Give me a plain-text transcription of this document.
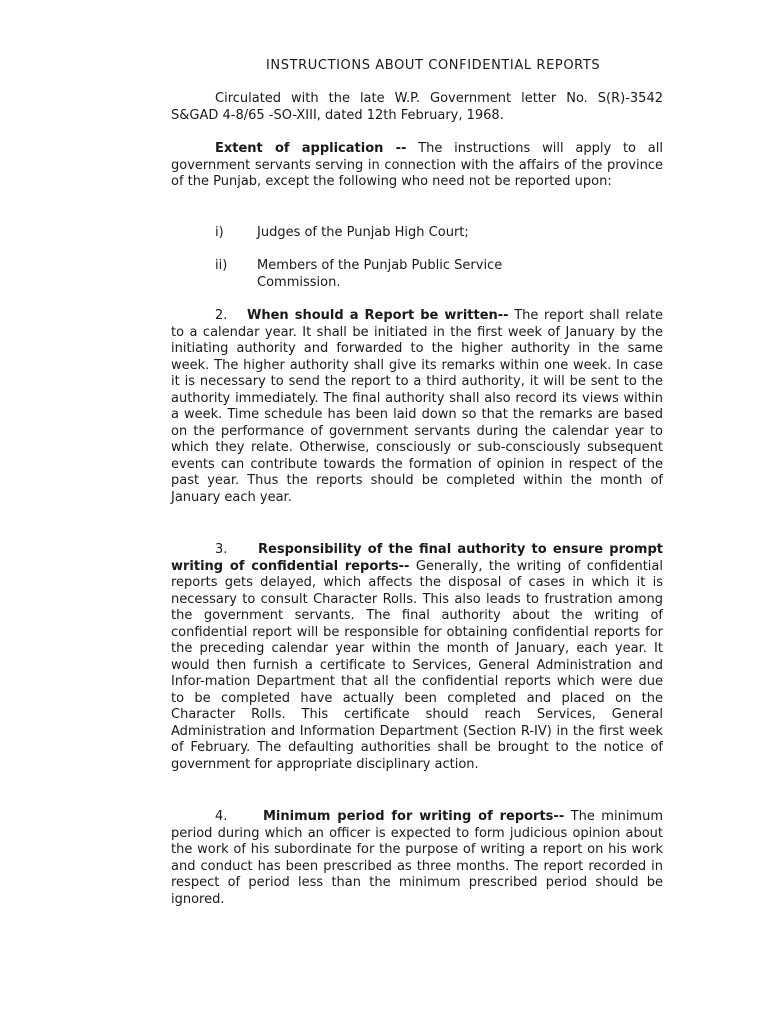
INSTRUCTIONS ABOUT CONFIDENTIAL REPORTS

Circulated with the late W.P. Government letter No. S(R)-3542 S&GAD 4-8/65 -SO-XIII, dated 12th February, 1968.

Extent of application -- The instructions will apply to all government servants serving in connection with the affairs of the province of the Punjab, except the following who need not be reported upon:

i)	Judges of the Punjab High Court;
ii) Members of the Punjab Public Service Commission.

2. When should a Report be written-- The report shall relate to a calendar year. It shall be initiated in the first week of January by the initiating authority and forwarded to the higher authority in the same week. The higher authority shall give its remarks within one week. In case it is necessary to send the report to a third authority, it will be sent to the authority immediately. The final authority shall also record its views within a week. Time schedule has been laid down so that the remarks are based on the performance of government servants during the calendar year to which they relate. Otherwise, consciously or sub-consciously subsequent events can contribute towards the formation of opinion in respect of the past year. Thus the reports should be completed within the month of January each year.

3. Responsibility of the final authority to ensure prompt writing of confidential reports-- Generally, the writing of confidential reports gets delayed, which affects the disposal of cases in which it is necessary to consult Character Rolls. This also leads to frustration among the government servants. The final authority about the writing of confidential report will be responsible for obtaining confidential reports for the preceding calendar year within the month of January, each year. It would then furnish a certificate to Services, General Administration and Infor-mation Department that all the confidential reports which were due to be completed have actually been completed and placed on the Character Rolls. This certificate should reach Services, General Administration and Information Department (Section R-IV) in the first week of February. The defaulting authorities shall be brought to the notice of government for appropriate disciplinary action.

4.	Minimum period for writing of reports-- The minimum period during which an officer is expected to form judicious opinion about the work of his subordinate for the purpose of writing a report on his work and conduct has been prescribed as three months. The report recorded in respect of period less than the minimum prescribed period should be ignored.
